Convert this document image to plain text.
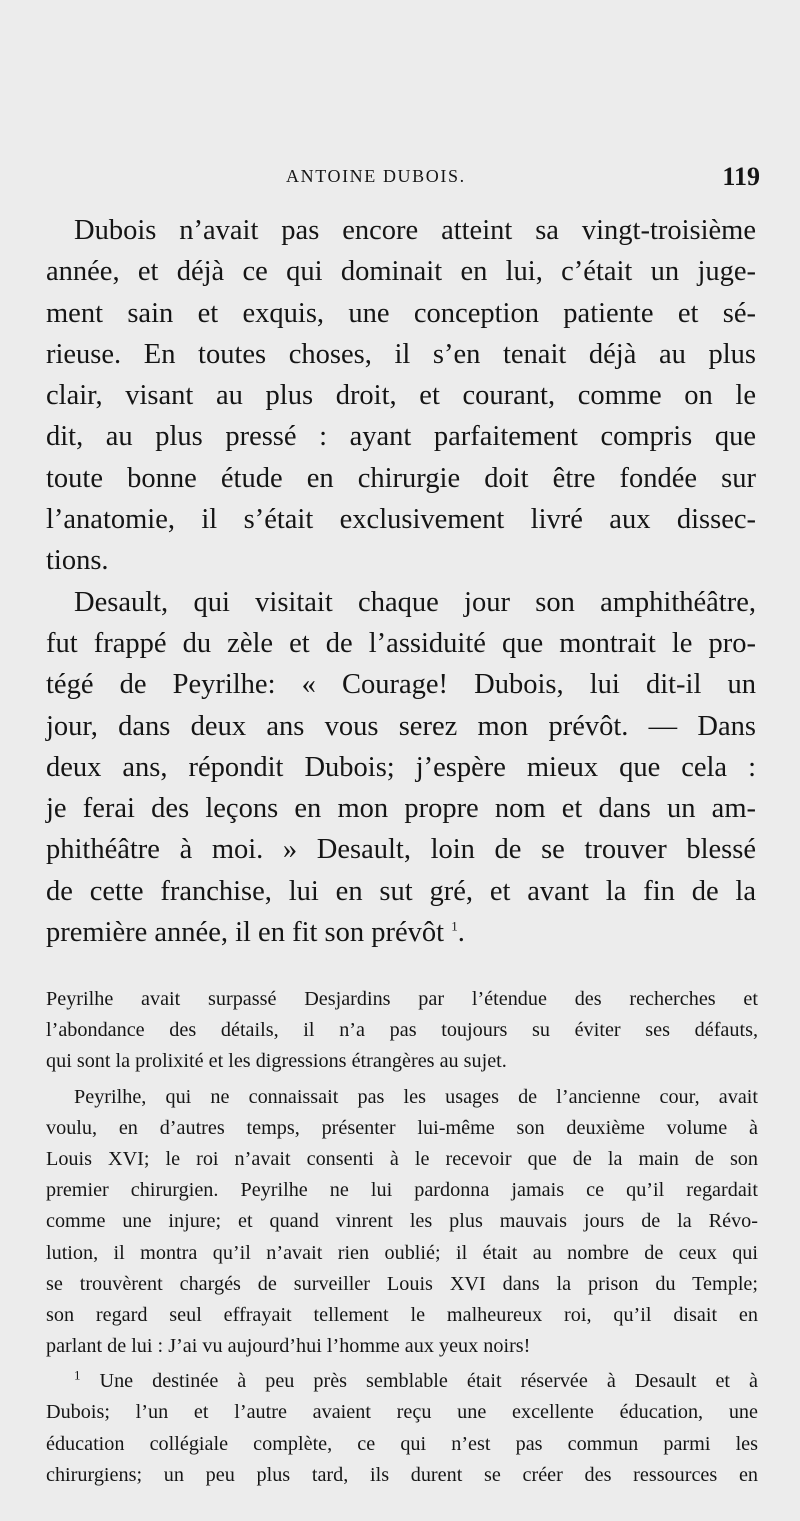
ANTOINE DUBOIS.	119
Dubois n’avait pas encore atteint sa vingt-troisième
année, et déjà ce qui dominait en lui, c’était un juge-
ment sain et exquis, une conception patiente et sé-
rieuse. En toutes choses, il s’en tenait déjà au plus
clair, visant au plus droit, et courant, comme on le
dit, au plus pressé : ayant parfaitement compris que
toute bonne étude en chirurgie doit être fondée sur
l’anatomie, il s’était exclusivement livré aux dissec-
tions.
Desault, qui visitait chaque jour son amphithéâtre,
fut frappé du zèle et de l’assiduité que montrait le pro-
tégé de Peyrilhe: « Courage! Dubois, lui dit-il un
jour, dans deux ans vous serez mon prévôt. — Dans
deux ans, répondit Dubois; j’espère mieux que cela :
je ferai des leçons en mon propre nom et dans un am-
phithéâtre à moi. » Desault, loin de se trouver blessé
de cette franchise, lui en sut gré, et avant la fin de la
première année, il en fit son prévôt $^1$.
Peyrilhe avait surpassé Desjardins par l’étendue des recherches et
l’abondance des détails, il n’a pas toujours su éviter ses défauts,
qui sont la prolixité et les digressions étrangères au sujet.
Peyrilhe, qui ne connaissait pas les usages de l’ancienne cour, avait
voulu, en d’autres temps, présenter lui-même son deuxième volume à
Louis XVI; le roi n’avait consenti à le recevoir que de la main de son
premier chirurgien. Peyrilhe ne lui pardonna jamais ce qu’il regardait
comme une injure; et quand vinrent les plus mauvais jours de la Révo-
lution, il montra qu’il n’avait rien oublié; il était au nombre de ceux qui
se trouvèrent chargés de surveiller Louis XVI dans la prison du Temple;
son regard seul effrayait tellement le malheureux roi, qu’il disait en
parlant de lui : J’ai vu aujourd’hui l’homme aux yeux noirs!
$^1$ Une destinée à peu près semblable était réservée à Desault et à
Dubois; l’un et l’autre avaient reçu une excellente éducation, une
éducation collégiale complète, ce qui n’est pas commun parmi les
chirurgiens; un peu plus tard, ils durent se créer des ressources en
